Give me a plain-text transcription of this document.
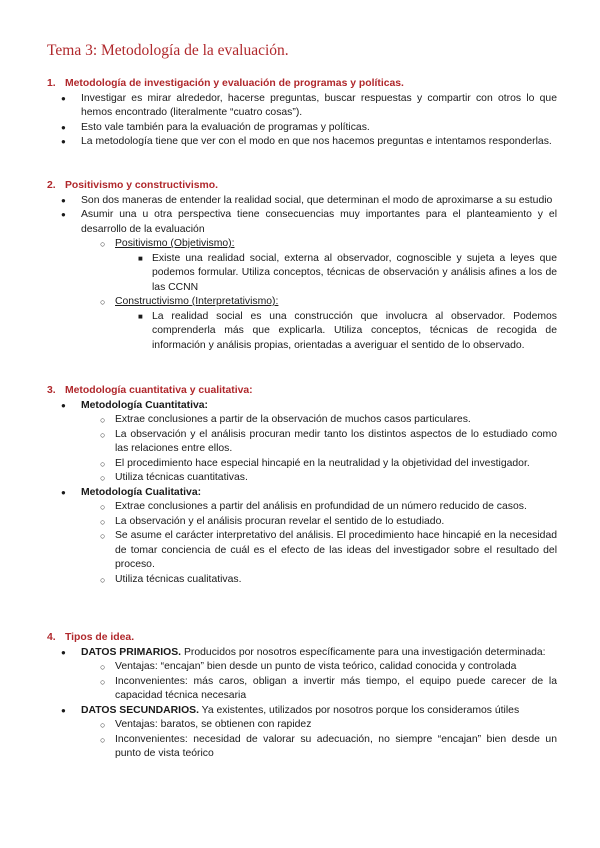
Tema 3: Metodología de la evaluación.
1. Metodología de investigación y evaluación de programas y políticas.
● Investigar es mirar alrededor, hacerse preguntas, buscar respuestas y compartir con otros lo que hemos encontrado (literalmente “cuatro cosas”).
● Esto vale también para la evaluación de programas y políticas.
● La metodología tiene que ver con el modo en que nos hacemos preguntas e intentamos responderlas.
2. Positivismo y constructivismo.
● Son dos maneras de entender la realidad social, que determinan el modo de aproximarse a su estudio
● Asumir una u otra perspectiva tiene consecuencias muy importantes para el planteamiento y el desarrollo de la evaluación
○ Positivismo (Objetivismo):
■ Existe una realidad social, externa al observador, cognoscible y sujeta a leyes que podemos formular. Utiliza conceptos, técnicas de observación y análisis afines a los de las CCNN
○ Constructivismo (Interpretativismo):
■ La realidad social es una construcción que involucra al observador. Podemos comprenderla más que explicarla. Utiliza conceptos, técnicas de recogida de información y análisis propias, orientadas a averiguar el sentido de lo observado.
3. Metodología cuantitativa y cualitativa:
● Metodología Cuantitativa:
○ Extrae conclusiones a partir de la observación de muchos casos particulares.
○ La observación y el análisis procuran medir tanto los distintos aspectos de lo estudiado como las relaciones entre ellos.
○ El procedimiento hace especial hincapié en la neutralidad y la objetividad del investigador.
○ Utiliza técnicas cuantitativas.
● Metodología Cualitativa:
○ Extrae conclusiones a partir del análisis en profundidad de un número reducido de casos.
○ La observación y el análisis procuran revelar el sentido de lo estudiado.
○ Se asume el carácter interpretativo del análisis. El procedimiento hace hincapié en la necesidad de tomar conciencia de cuál es el efecto de las ideas del investigador sobre el resultado del proceso.
○ Utiliza técnicas cualitativas.
4. Tipos de idea.
● DATOS PRIMARIOS. Producidos por nosotros específicamente para una investigación determinada:
○ Ventajas: “encajan” bien desde un punto de vista teórico, calidad conocida y controlada
○ Inconvenientes: más caros, obligan a invertir más tiempo, el equipo puede carecer de la capacidad técnica necesaria
● DATOS SECUNDARIOS. Ya existentes, utilizados por nosotros porque los consideramos útiles
○ Ventajas: baratos, se obtienen con rapidez
○ Inconvenientes: necesidad de valorar su adecuación, no siempre “encajan” bien desde un punto de vista teórico
